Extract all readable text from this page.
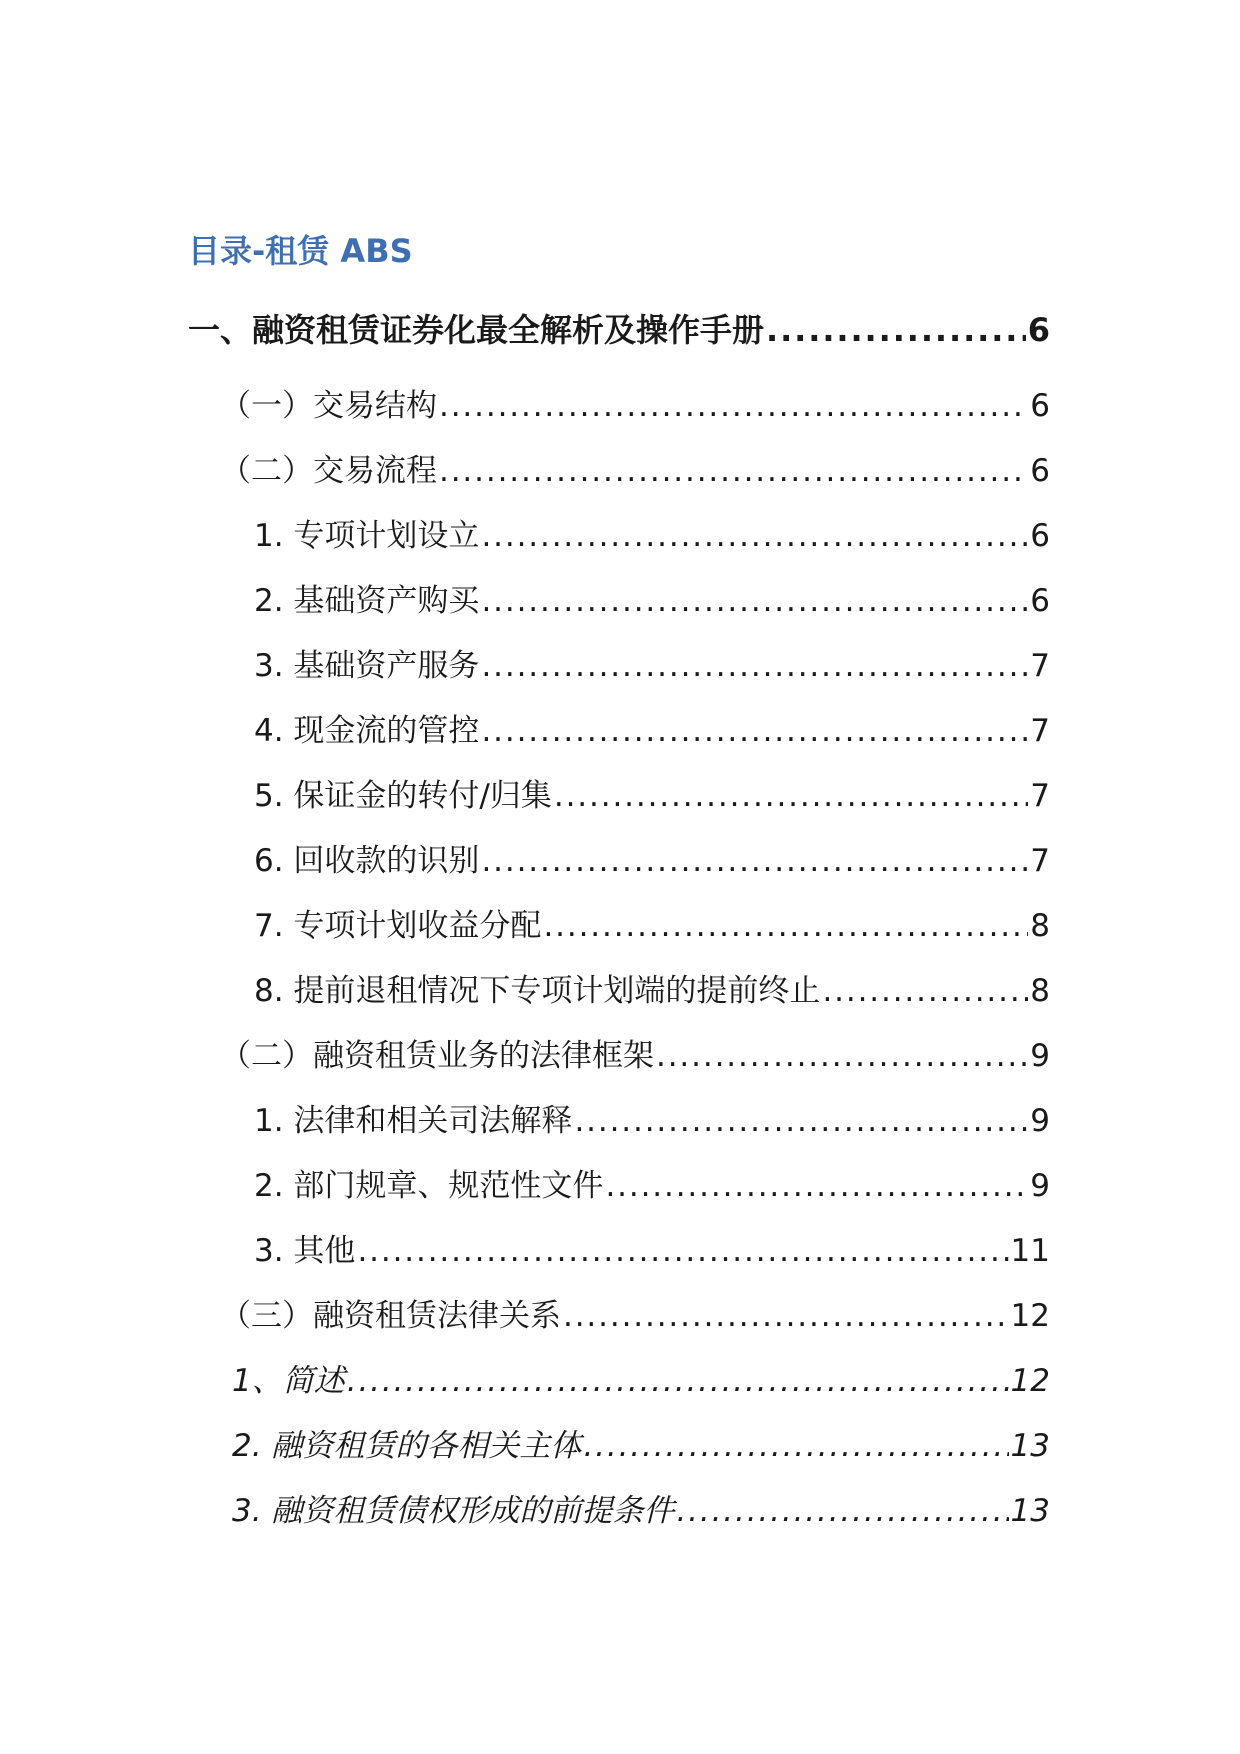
目录-租赁 ABS
一、融资租赁证券化最全解析及操作手册 .....	6
（一）交易结构 .....	6
（二）交易流程 .....	6
1. 专项计划设立 .....	6
2. 基础资产购买 .....	6
3. 基础资产服务 .....	7
4. 现金流的管控 .....	7
5. 保证金的转付/归集 .....	7
6. 回收款的识别 .....	7
7. 专项计划收益分配 .....	8
8. 提前退租情况下专项计划端的提前终止 .....	8
（二）融资租赁业务的法律框架 .....	9
1. 法律和相关司法解释 .....	9
2. 部门规章、规范性文件 .....	9
3. 其他 .....	11
（三）融资租赁法律关系 .....	12
1、简述 .....	12
2. 融资租赁的各相关主体 .....	13
3. 融资租赁债权形成的前提条件 .....	13
